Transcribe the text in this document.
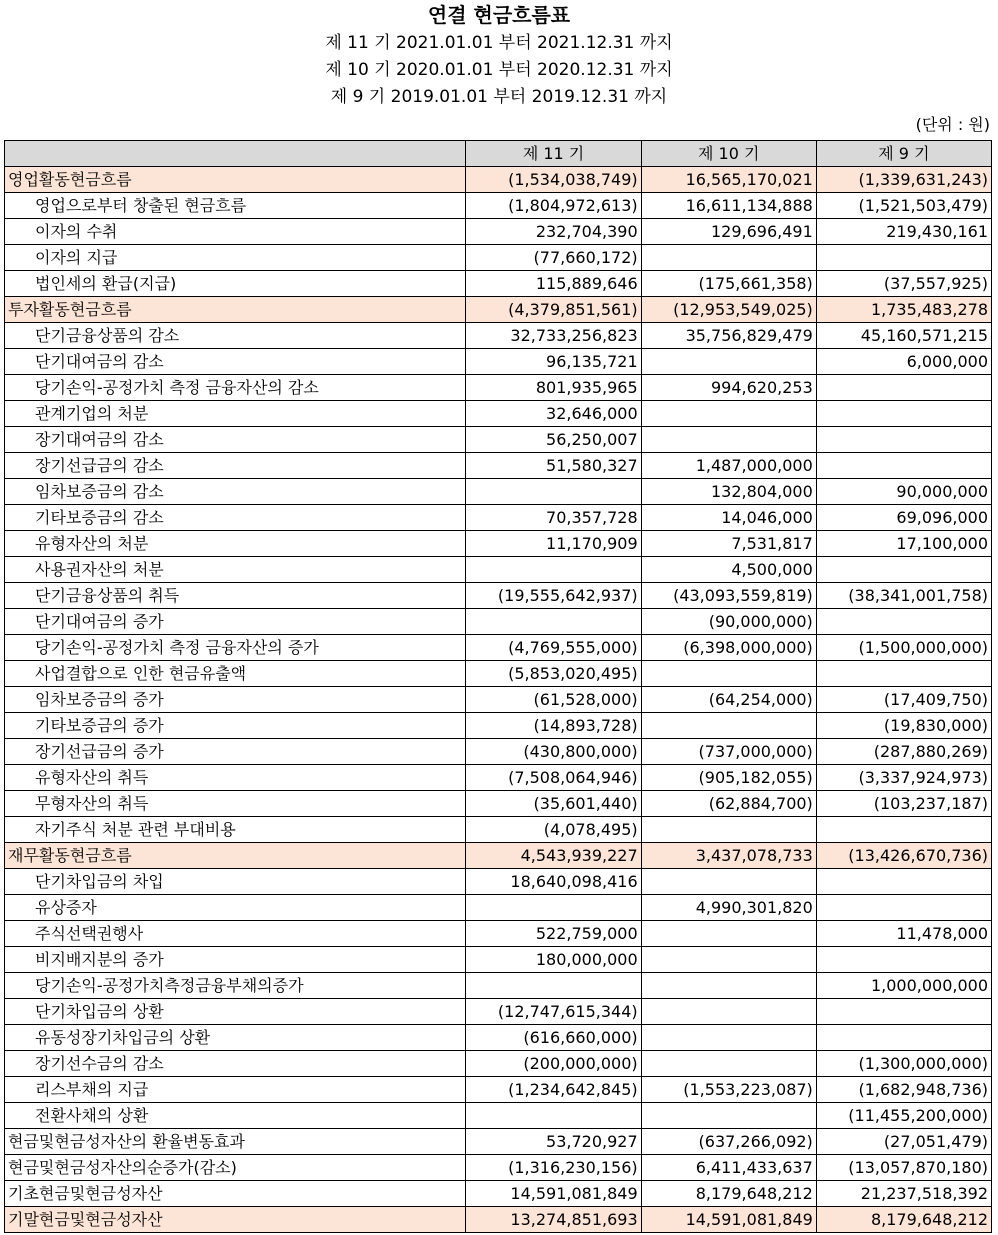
연결 현금흐름표
제 11 기 2021.01.01 부터 2021.12.31 까지
제 10 기 2020.01.01 부터 2020.12.31 까지
제 9 기 2019.01.01 부터 2019.12.31 까지
(단위 : 원)
	제 11 기	제 10 기	제 9 기
영업활동현금흐름	(1,534,038,749)	16,565,170,021	(1,339,631,243)
영업으로부터 창출된 현금흐름	(1,804,972,613)	16,611,134,888	(1,521,503,479)
이자의 수취	232,704,390	129,696,491	219,430,161
이자의 지급	(77,660,172)		
법인세의 환급(지급)	115,889,646	(175,661,358)	(37,557,925)
투자활동현금흐름	(4,379,851,561)	(12,953,549,025)	1,735,483,278
단기금융상품의 감소	32,733,256,823	35,756,829,479	45,160,571,215
단기대여금의 감소	96,135,721		6,000,000
당기손익-공정가치 측정 금융자산의 감소	801,935,965	994,620,253	
관계기업의 처분	32,646,000		
장기대여금의 감소	56,250,007		
장기선급금의 감소	51,580,327	1,487,000,000	
임차보증금의 감소		132,804,000	90,000,000
기타보증금의 감소	70,357,728	14,046,000	69,096,000
유형자산의 처분	11,170,909	7,531,817	17,100,000
사용권자산의 처분		4,500,000	
단기금융상품의 취득	(19,555,642,937)	(43,093,559,819)	(38,341,001,758)
단기대여금의 증가		(90,000,000)	
당기손익-공정가치 측정 금융자산의 증가	(4,769,555,000)	(6,398,000,000)	(1,500,000,000)
사업결합으로 인한 현금유출액	(5,853,020,495)		
임차보증금의 증가	(61,528,000)	(64,254,000)	(17,409,750)
기타보증금의 증가	(14,893,728)		(19,830,000)
장기선급금의 증가	(430,800,000)	(737,000,000)	(287,880,269)
유형자산의 취득	(7,508,064,946)	(905,182,055)	(3,337,924,973)
무형자산의 취득	(35,601,440)	(62,884,700)	(103,237,187)
자기주식 처분 관련 부대비용	(4,078,495)		
재무활동현금흐름	4,543,939,227	3,437,078,733	(13,426,670,736)
단기차입금의 차입	18,640,098,416		
유상증자		4,990,301,820	
주식선택권행사	522,759,000		11,478,000
비지배지분의 증가	180,000,000		
당기손익-공정가치측정금융부채의증가			1,000,000,000
단기차입금의 상환	(12,747,615,344)		
유동성장기차입금의 상환	(616,660,000)		
장기선수금의 감소	(200,000,000)		(1,300,000,000)
리스부채의 지급	(1,234,642,845)	(1,553,223,087)	(1,682,948,736)
전환사채의 상환			(11,455,200,000)
현금및현금성자산의 환율변동효과	53,720,927	(637,266,092)	(27,051,479)
현금및현금성자산의순증가(감소)	(1,316,230,156)	6,411,433,637	(13,057,870,180)
기초현금및현금성자산	14,591,081,849	8,179,648,212	21,237,518,392
기말현금및현금성자산	13,274,851,693	14,591,081,849	8,179,648,212
